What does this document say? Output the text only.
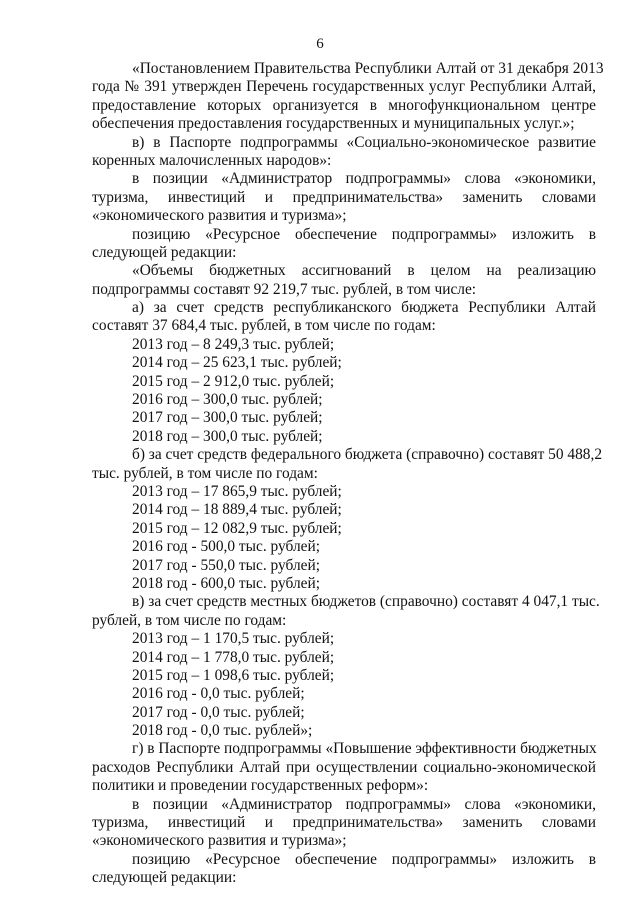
6
«Постановлением Правительства Республики Алтай от 31 декабря 2013
года № 391 утвержден Перечень государственных услуг Республики Алтай,
предоставление которых организуется в многофункциональном центре
обеспечения предоставления государственных и муниципальных услуг.»;
в) в Паспорте подпрограммы «Социально-экономическое развитие
коренных малочисленных народов»:
в позиции «Администратор подпрограммы» слова «экономики,
туризма, инвестиций и предпринимательства» заменить словами
«экономического развития и туризма»;
позицию «Ресурсное обеспечение подпрограммы» изложить в
следующей редакции:
«Объемы бюджетных ассигнований в целом на реализацию
подпрограммы составят 92 219,7 тыс. рублей, в том числе:
а) за счет средств республиканского бюджета Республики Алтай
составят 37 684,4 тыс. рублей, в том числе по годам:
2013 год – 8 249,3 тыс. рублей;
2014 год – 25 623,1 тыс. рублей;
2015 год – 2 912,0 тыс. рублей;
2016 год – 300,0 тыс. рублей;
2017 год – 300,0 тыс. рублей;
2018 год – 300,0 тыс. рублей;
б) за счет средств федерального бюджета (справочно) составят 50 488,2
тыс. рублей, в том числе по годам:
2013 год – 17 865,9 тыс. рублей;
2014 год – 18 889,4 тыс. рублей;
2015 год – 12 082,9 тыс. рублей;
2016 год - 500,0 тыс. рублей;
2017 год - 550,0 тыс. рублей;
2018 год - 600,0 тыс. рублей;
в) за счет средств местных бюджетов (справочно) составят 4 047,1 тыс.
рублей, в том числе по годам:
2013 год – 1 170,5 тыс. рублей;
2014 год – 1 778,0 тыс. рублей;
2015 год – 1 098,6 тыс. рублей;
2016 год - 0,0 тыс. рублей;
2017 год - 0,0 тыс. рублей;
2018 год - 0,0 тыс. рублей»;
г) в Паспорте подпрограммы «Повышение эффективности бюджетных
расходов Республики Алтай при осуществлении социально-экономической
политики и проведении государственных реформ»:
в позиции «Администратор подпрограммы» слова «экономики,
туризма, инвестиций и предпринимательства» заменить словами
«экономического развития и туризма»;
позицию «Ресурсное обеспечение подпрограммы» изложить в
следующей редакции:
